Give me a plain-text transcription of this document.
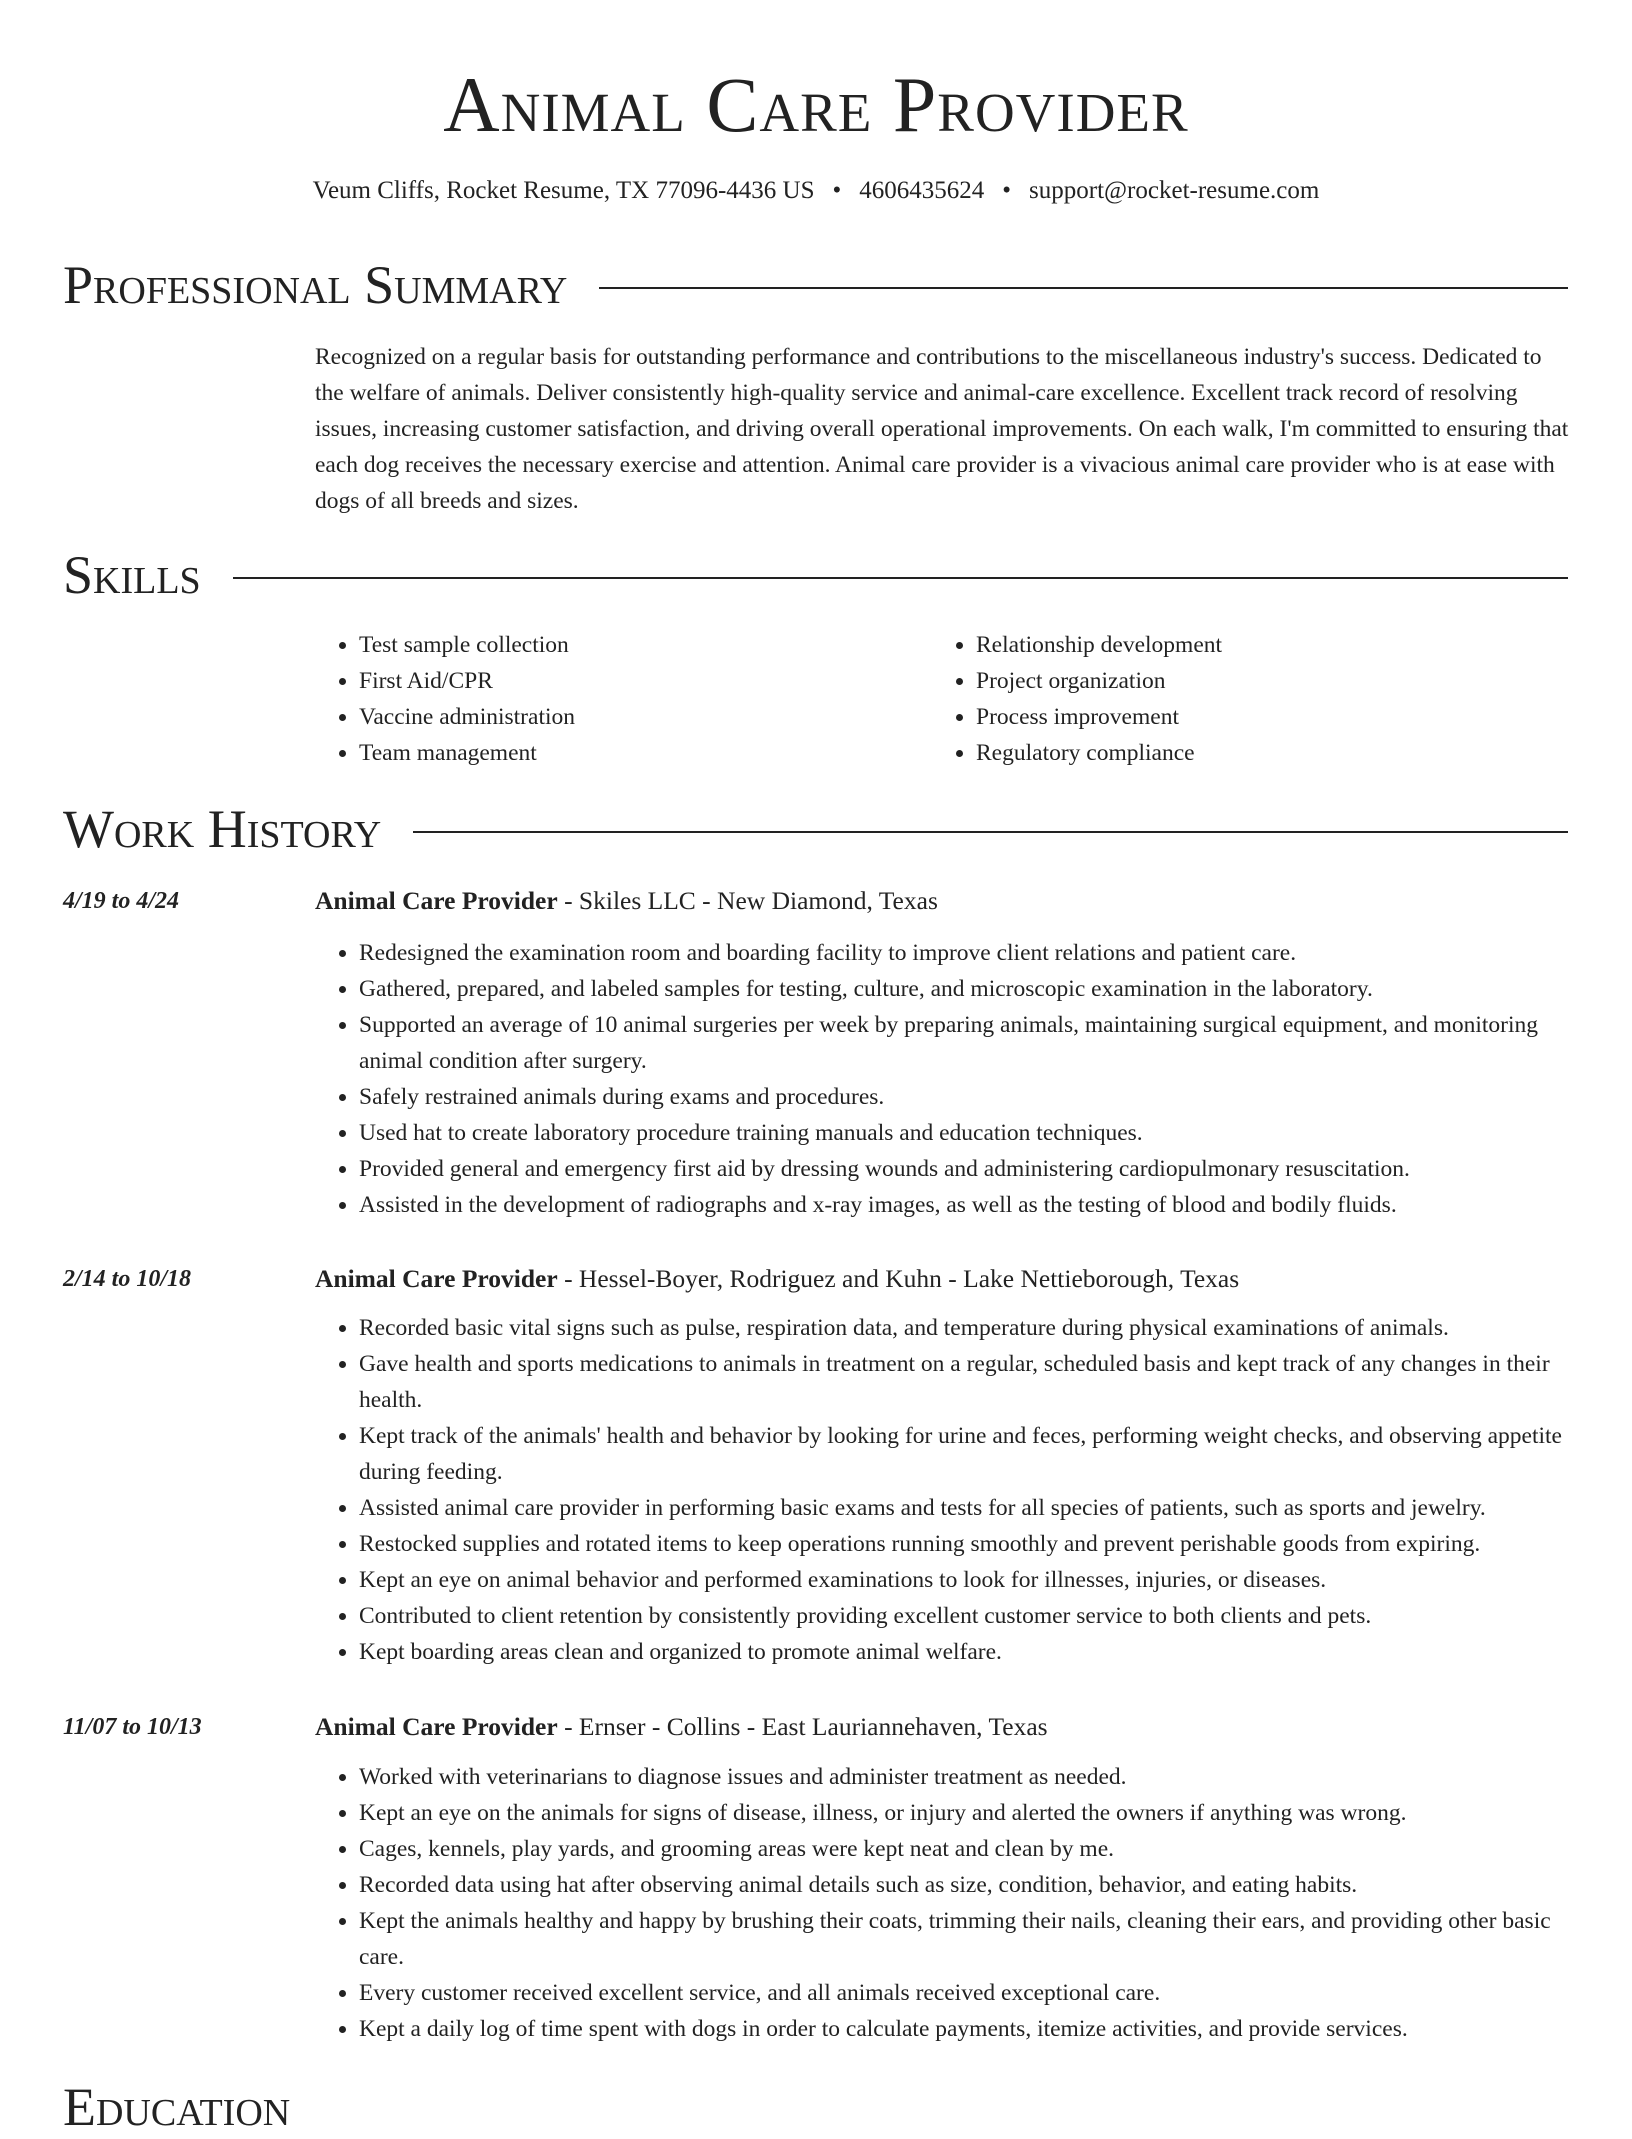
Animal Care Provider
Veum Cliffs, Rocket Resume, TX 77096-4436 US • 4606435624 • support@rocket-resume.com
Professional Summary
Recognized on a regular basis for outstanding performance and contributions to the miscellaneous industry's success. Dedicated to the welfare of animals. Deliver consistently high-quality service and animal-care excellence. Excellent track record of resolving issues, increasing customer satisfaction, and driving overall operational improvements. On each walk, I'm committed to ensuring that each dog receives the necessary exercise and attention. Animal care provider is a vivacious animal care provider who is at ease with dogs of all breeds and sizes.
Skills
• Test sample collection
• First Aid/CPR
• Vaccine administration
• Team management
• Relationship development
• Project organization
• Process improvement
• Regulatory compliance
Work History
4/19 to 4/24	Animal Care Provider - Skiles LLC - New Diamond, Texas
• Redesigned the examination room and boarding facility to improve client relations and patient care.
• Gathered, prepared, and labeled samples for testing, culture, and microscopic examination in the laboratory.
• Supported an average of 10 animal surgeries per week by preparing animals, maintaining surgical equipment, and monitoring animal condition after surgery.
• Safely restrained animals during exams and procedures.
• Used hat to create laboratory procedure training manuals and education techniques.
• Provided general and emergency first aid by dressing wounds and administering cardiopulmonary resuscitation.
• Assisted in the development of radiographs and x-ray images, as well as the testing of blood and bodily fluids.
2/14 to 10/18	Animal Care Provider - Hessel-Boyer, Rodriguez and Kuhn - Lake Nettieborough, Texas
• Recorded basic vital signs such as pulse, respiration data, and temperature during physical examinations of animals.
• Gave health and sports medications to animals in treatment on a regular, scheduled basis and kept track of any changes in their health.
• Kept track of the animals' health and behavior by looking for urine and feces, performing weight checks, and observing appetite during feeding.
• Assisted animal care provider in performing basic exams and tests for all species of patients, such as sports and jewelry.
• Restocked supplies and rotated items to keep operations running smoothly and prevent perishable goods from expiring.
• Kept an eye on animal behavior and performed examinations to look for illnesses, injuries, or diseases.
• Contributed to client retention by consistently providing excellent customer service to both clients and pets.
• Kept boarding areas clean and organized to promote animal welfare.
11/07 to 10/13	Animal Care Provider - Ernser - Collins - East Lauriannehaven, Texas
• Worked with veterinarians to diagnose issues and administer treatment as needed.
• Kept an eye on the animals for signs of disease, illness, or injury and alerted the owners if anything was wrong.
• Cages, kennels, play yards, and grooming areas were kept neat and clean by me.
• Recorded data using hat after observing animal details such as size, condition, behavior, and eating habits.
• Kept the animals healthy and happy by brushing their coats, trimming their nails, cleaning their ears, and providing other basic care.
• Every customer received excellent service, and all animals received exceptional care.
• Kept a daily log of time spent with dogs in order to calculate payments, itemize activities, and provide services.
Education
